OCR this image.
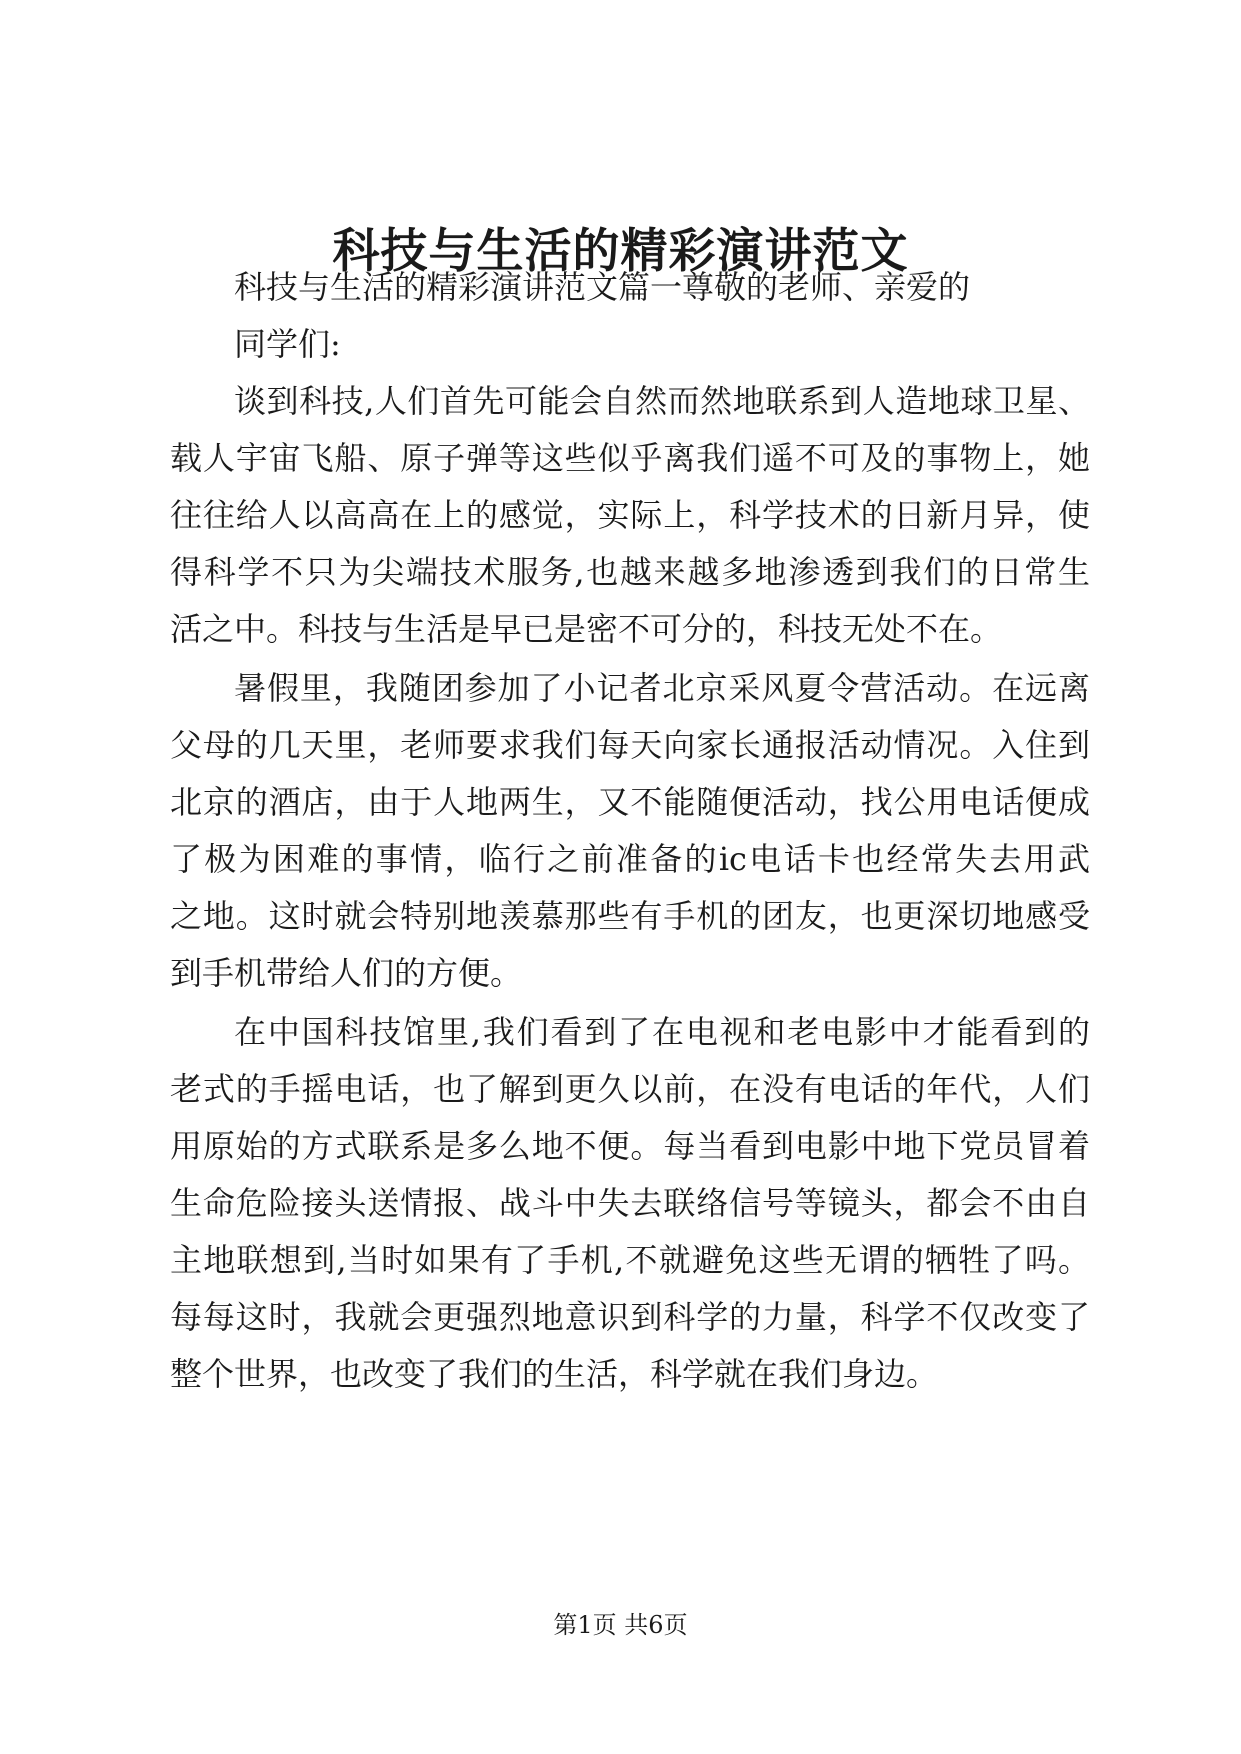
科技与生活的精彩演讲范文
科技与生活的精彩演讲范文篇一尊敬的老师、亲爱的
同学们:
谈到科技,人们首先可能会自然而然地联系到人造地球卫星、
载人宇宙飞船、原子弹等这些似乎离我们遥不可及的事物上，她
往往给人以高高在上的感觉，实际上，科学技术的日新月异，使
得科学不只为尖端技术服务,也越来越多地渗透到我们的日常生
活之中。科技与生活是早已是密不可分的，科技无处不在。
暑假里，我随团参加了小记者北京采风夏令营活动。在远离
父母的几天里，老师要求我们每天向家长通报活动情况。入住到
北京的酒店，由于人地两生，又不能随便活动，找公用电话便成
了极为困难的事情，临行之前准备的ic电话卡也经常失去用武
之地。这时就会特别地羡慕那些有手机的团友，也更深切地感受
到手机带给人们的方便。
在中国科技馆里,我们看到了在电视和老电影中才能看到的
老式的手摇电话，也了解到更久以前，在没有电话的年代，人们
用原始的方式联系是多么地不便。每当看到电影中地下党员冒着
生命危险接头送情报、战斗中失去联络信号等镜头，都会不由自
主地联想到,当时如果有了手机,不就避免这些无谓的牺牲了吗。
每每这时，我就会更强烈地意识到科学的力量，科学不仅改变了
整个世界，也改变了我们的生活，科学就在我们身边。
第1页 共6页
